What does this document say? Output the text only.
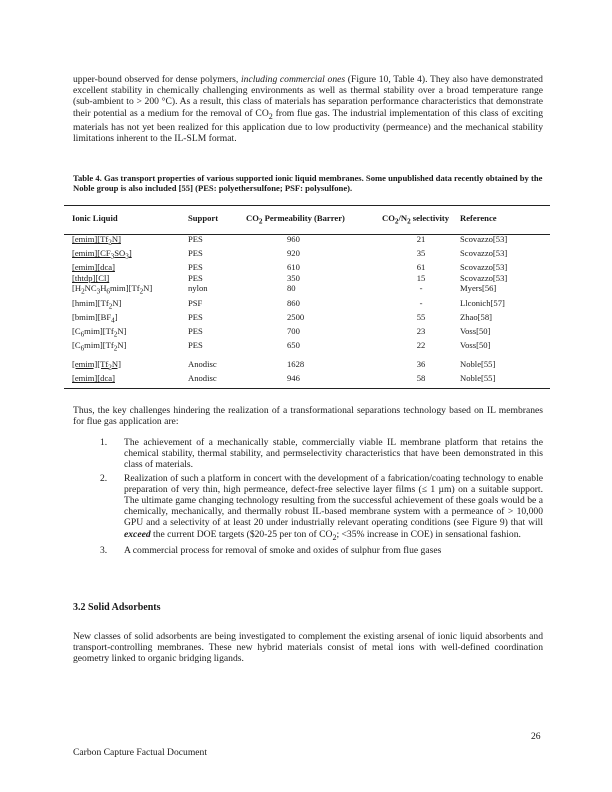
upper-bound observed for dense polymers, including commercial ones (Figure 10, Table 4). They also have demonstrated excellent stability in chemically challenging environments as well as thermal stability over a broad temperature range (sub-ambient to > 200 °C). As a result, this class of materials has separation performance characteristics that demonstrate their potential as a medium for the removal of $CO_2$ from flue gas. The industrial implementation of this class of exciting materials has not yet been realized for this application due to low productivity (permeance) and the mechanical stability limitations inherent to the IL-SLM format.

Table 4. Gas transport properties of various supported ionic liquid membranes. Some unpublished data recently obtained by the Noble group is also included [55] (PES: polyethersulfone; PSF: polysulfone).

Ionic Liquid	Support	$CO_2$ Permeability (Barrer)	$CO_2/N_2$ selectivity	Reference
$[emim][Tf_2N]$	PES	960	21	Scovazzo[53]
$[emim][CF_3SO_3]$	PES	920	35	Scovazzo[53]
[emim][dca]	PES	610	61	Scovazzo[53]
[thtdp][Cl]	PES	350	15	Scovazzo[53]
$[H_2NC_3H_6mim][Tf_2N]$	nylon	80	-	Myers[56]
$[hmim][Tf_2N]$	PSF	860	-	Llconich[57]
$[bmim][BF_4]$	PES	2500	55	Zhao[58]
$[C_6mim][Tf_2N]$	PES	700	23	Voss[50]
$[C_6mim][Tf_2N]$	PES	650	22	Voss[50]
$[emim][Tf_2N]$	Anodisc	1628	36	Noble[55]
[emim][dca]	Anodisc	946	58	Noble[55]

Thus, the key challenges hindering the realization of a transformational separations technology based on IL membranes for flue gas application are:

1. The achievement of a mechanically stable, commercially viable IL membrane platform that retains the chemical stability, thermal stability, and permselectivity characteristics that have been demonstrated in this class of materials.
2. Realization of such a platform in concert with the development of a fabrication/coating technology to enable preparation of very thin, high permeance, defect-free selective layer films (≤ 1 µm) on a suitable support. The ultimate game changing technology resulting from the successful achievement of these goals would be a chemically, mechanically, and thermally robust IL-based membrane system with a permeance of > 10,000 GPU and a selectivity of at least 20 under industrially relevant operating conditions (see Figure 9) that will exceed the current DOE targets ($20-25 per ton of $CO_2$; <35% increase in COE) in sensational fashion.
3. A commercial process for removal of smoke and oxides of sulphur from flue gases

3.2 Solid Adsorbents

New classes of solid adsorbents are being investigated to complement the existing arsenal of ionic liquid absorbents and transport-controlling membranes. These new hybrid materials consist of metal ions with well-defined coordination geometry linked to organic bridging ligands.

26
Carbon Capture Factual Document
